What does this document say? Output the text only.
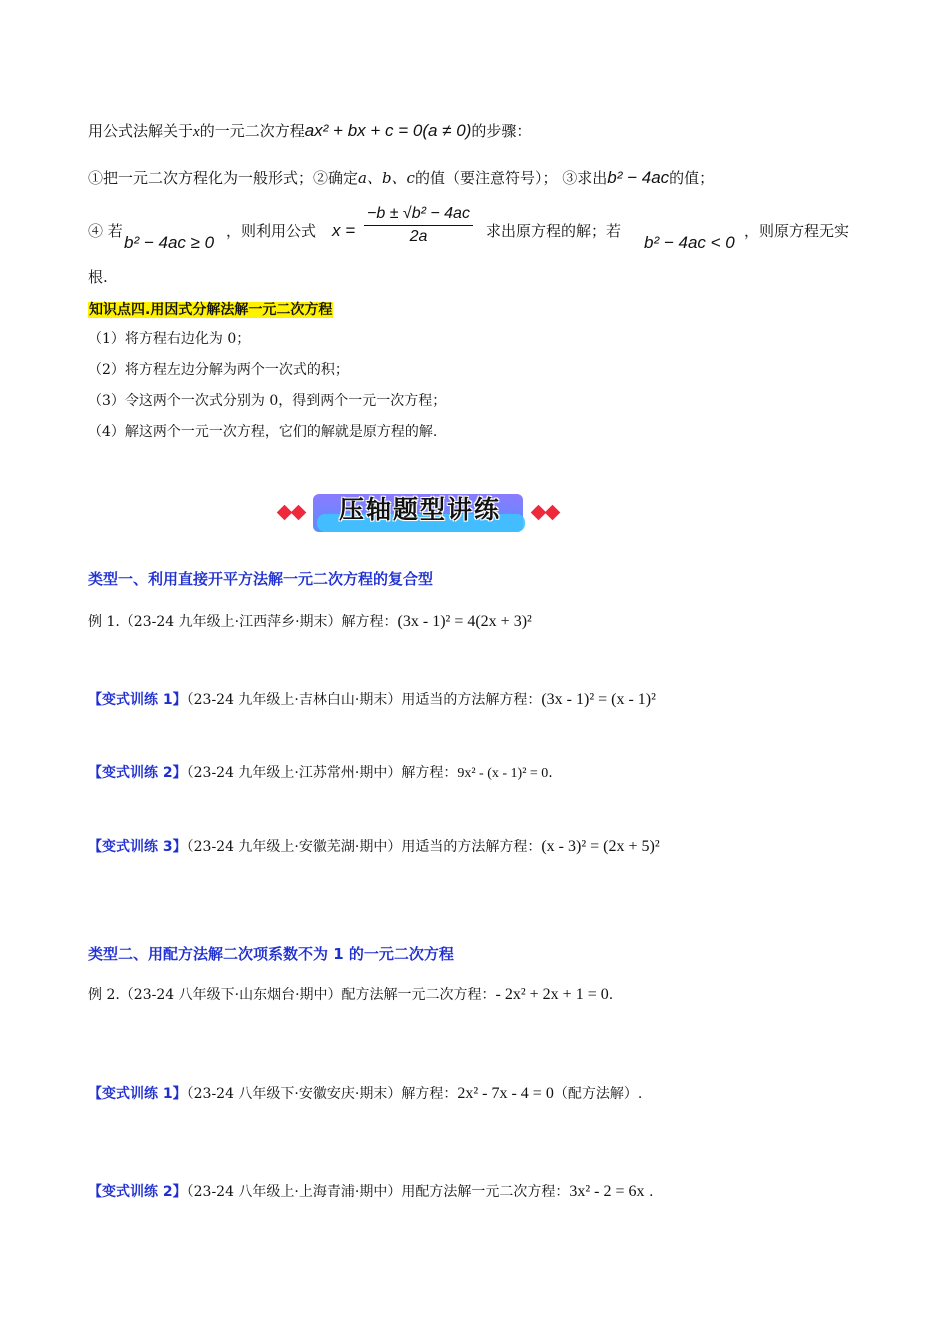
用公式法解关于x的一元二次方程ax² + bx + c = 0(a ≠ 0)的步骤：
①把一元二次方程化为一般形式；②确定a、b、c的值（要注意符号）； ③求出b² − 4ac的值；
④ 若
b² − 4ac ≥ 0
，则利用公式 $x = \frac{\text{−b ± √b² − 4ac}}{2a}$ 求出原方程的解；若
b² − 4ac < 0
，则原方程无实
根.
知识点四.用因式分解法解一元二次方程
（1）将方程右边化为 0；
（2）将方程左边分解为两个一次式的积；
（3）令这两个一次式分别为 0，得到两个一元一次方程；
（4）解这两个一元一次方程，它们的解就是原方程的解.
压轴题型讲练
类型一、利用直接开平方法解一元二次方程的复合型
例 1.（23-24 九年级上·江西萍乡·期末）解方程：(3x - 1)² = 4(2x + 3)²
【变式训练 1】（23-24 九年级上·吉林白山·期末）用适当的方法解方程：(3x - 1)² = (x - 1)²
【变式训练 2】（23-24 九年级上·江苏常州·期中）解方程：9x² - (x - 1)² = 0.
【变式训练 3】（23-24 九年级上·安徽芜湖·期中）用适当的方法解方程：(x - 3)² = (2x + 5)²
类型二、用配方法解二次项系数不为 1 的一元二次方程
例 2.（23-24 八年级下·山东烟台·期中）配方法解一元二次方程：- 2x² + 2x + 1 = 0.
【变式训练 1】（23-24 八年级下·安徽安庆·期末）解方程：2x² - 7x - 4 = 0（配方法解）.
【变式训练 2】（23-24 八年级上·上海青浦·期中）用配方法解一元二次方程：3x² - 2 = 6x .
